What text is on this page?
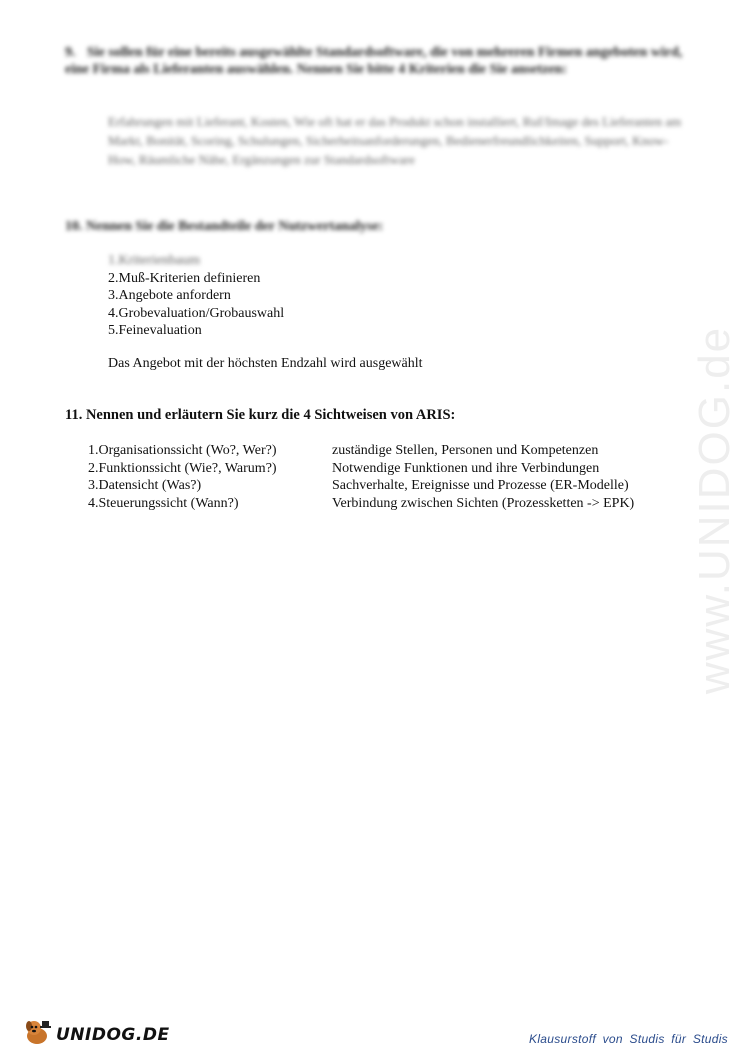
9. Sie sollen für eine bereits ausgewählte Standardsoftware, die von mehreren Firmen angeboten wird, eine Firma als Lieferanten auswählen. Nennen Sie bitte 4 Kriterien die Sie ansetzen:
Erfahrungen mit Lieferant, Kosten, Wie oft hat er das Produkt schon installiert, Ruf/Image des Lieferanten am Markt, Bonität, Scoring, Schulungen, Sicherheitsanforderungen, Bedienerfreundlichkeiten, Support, Know-How, Räumliche Nähe, Ergänzungen zur Standardsoftware
10. Nennen Sie die Bestandteile der Nutzwertanalyse:
1.Kriterienbaum
2.Muß-Kriterien definieren
3.Angebote anfordern
4.Grobevaluation/Grobauswahl
5.Feinevaluation
Das Angebot mit der höchsten Endzahl wird ausgewählt
11. Nennen und erläutern Sie kurz die 4 Sichtweisen von ARIS:
1.Organisationssicht (Wo?, Wer?)	zuständige Stellen, Personen und Kompetenzen
2.Funktionssicht (Wie?, Warum?)	Notwendige Funktionen und ihre Verbindungen
3.Datensicht (Was?)	Sachverhalte, Ereignisse und Prozesse (ER-Modelle)
4.Steuerungssicht (Wann?)	Verbindung zwischen Sichten (Prozessketten -> EPK) www.UNIDOG.de
UNIDOG.DE	Klausurstoff von Studis für Studis
